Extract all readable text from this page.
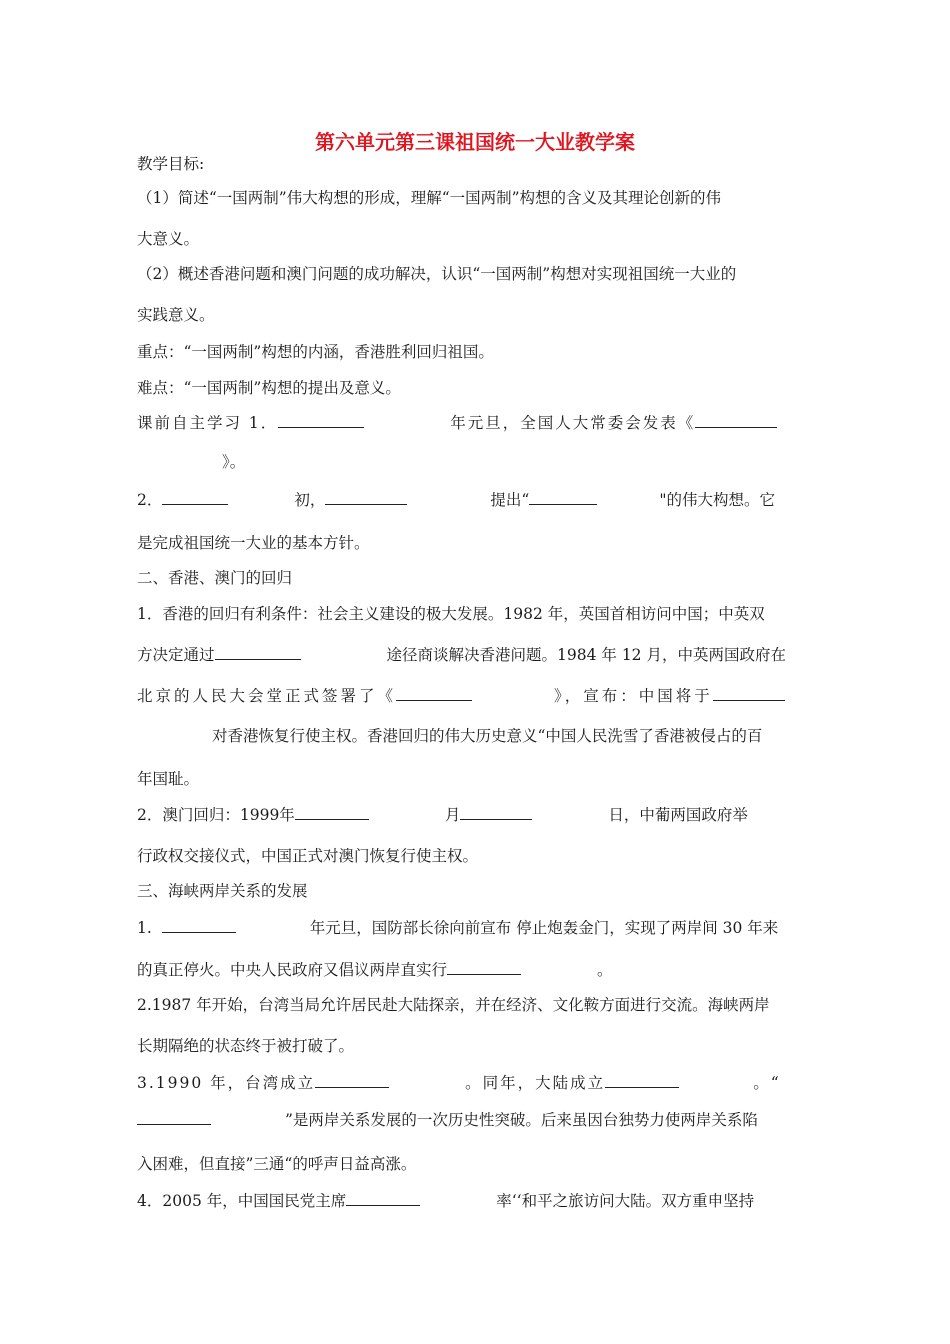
第六单元第三课祖国统一大业教学案
教学目标:
（1）简述“一国两制”伟大构想的形成，理解“一国两制”构想的含义及其理论创新的伟
大意义。
（2）概述香港问题和澳门问题的成功解决，认识“一国两制”构想对实现祖国统一大业的
实践意义。
重点：“一国两制”构想的内涵，香港胜利回归祖国。
难点：“一国两制”构想的提出及意义。
课前自主学习 1．	年元旦，全国人大常委会发表《
》。
2．	初，	提出“	"的伟大构想。它
是完成祖国统一大业的基本方针。
二、香港、澳门的回归
1．香港的回归有利条件：社会主义建设的极大发展。1982 年，英国首相访问中国；中英双
方决定通过	途径商谈解决香港问题。1984 年 12 月，中英两国政府在
北京的人民大会堂正式签署了《	》，宣布：中国将于
对香港恢复行使主权。香港回归的伟大历史意义“中国人民洗雪了香港被侵占的百
年国耻。
2．澳门回归：1999年	月	日，中葡两国政府举
行政权交接仪式，中国正式对澳门恢复行使主权。
三、海峡两岸关系的发展
1.	年元旦，国防部长徐向前宣布 停止炮轰金门，实现了两岸间 30 年来
的真正停火。中央人民政府又倡议两岸直实行	。
2.1987 年开始，台湾当局允许居民赴大陆探亲，并在经济、文化鞍方面进行交流。海峡两岸
长期隔绝的状态终于被打破了。
3.1990 年，台湾成立	。同年，大陆成立	。“
”是两岸关系发展的一次历史性突破。后来虽因台独势力使两岸关系陷
入困难，但直接”三通“的呼声日益高涨。
4．2005 年，中国国民党主席	率‘‘和平之旅访问大陆。双方重申坚持
